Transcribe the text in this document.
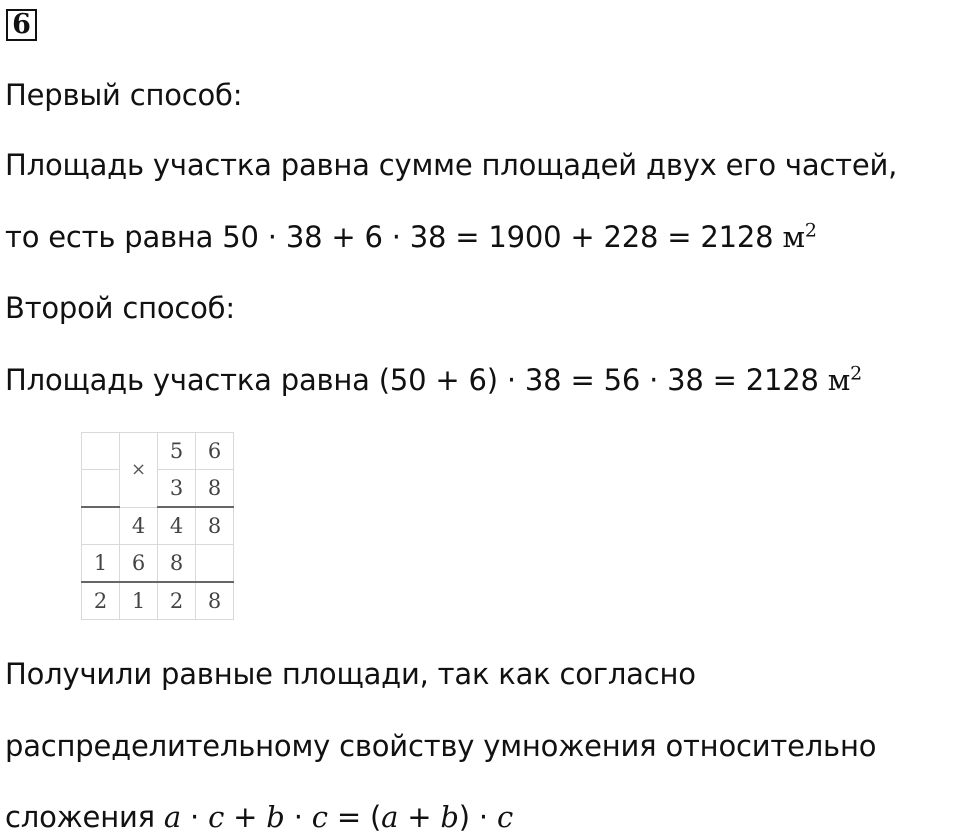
6
Первый способ:
Площадь участка равна сумме площадей двух его частей,
то есть равна 50 · 38 + 6 · 38 = 1900 + 228 = 2128 $м^2$
Второй способ:
Площадь участка равна (50 + 6) · 38 = 56 · 38 = 2128 $м^2$
	×	5	6
		3	8
	4	4	8
1	6	8	
2	1	2	8
Получили равные площади, так как согласно
распределительному свойству умножения относительно
сложения a · c + b · c = (a + b) · c
